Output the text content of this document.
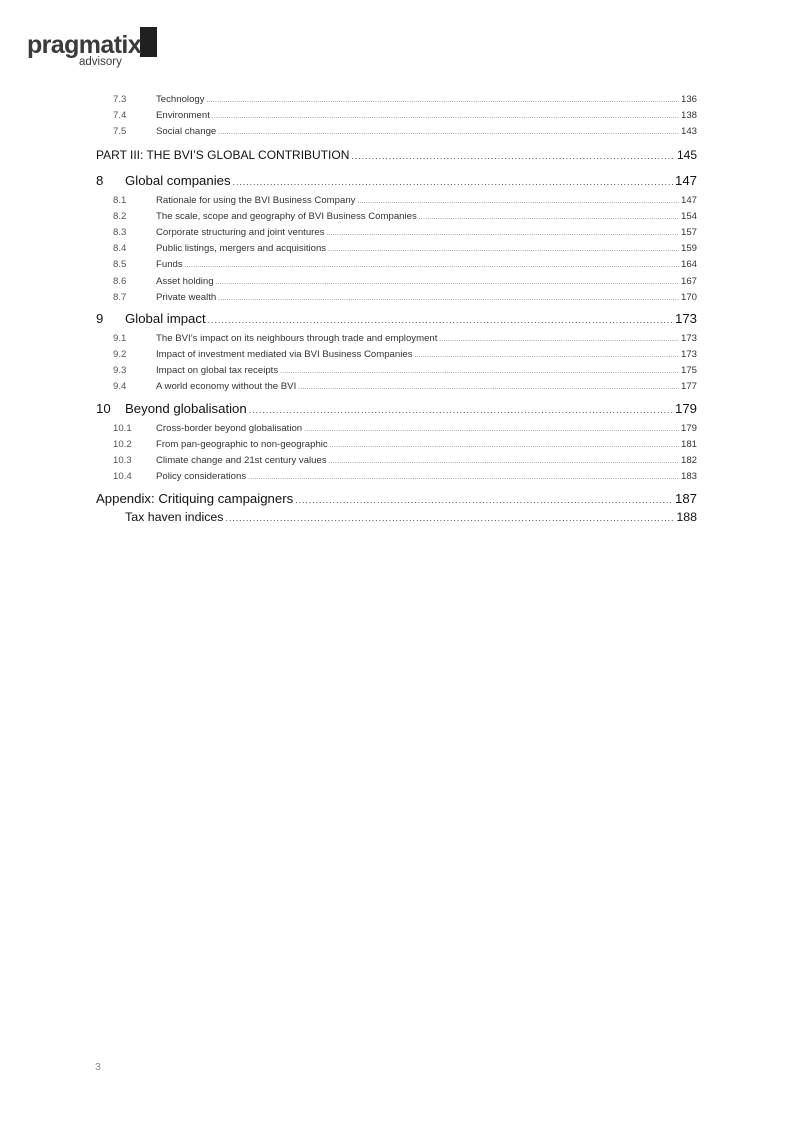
pragmatix
advisory
7.3	Technology . . .	136
7.4	Environment . . .	138
7.5	Social change . . .	143
PART III: THE BVI’S GLOBAL CONTRIBUTION . . .	145
8	Global companies . . .	147
8.1	Rationale for using the BVI Business Company . . .	147
8.2	The scale, scope and geography of BVI Business Companies . . .	154
8.3	Corporate structuring and joint ventures . . .	157
8.4	Public listings, mergers and acquisitions . . .	159
8.5	Funds . . .	164
8.6	Asset holding . . .	167
8.7	Private wealth . . .	170
9	Global impact . . .	173
9.1	The BVI’s impact on its neighbours through trade and employment . . .	173
9.2	Impact of investment mediated via BVI Business Companies . . .	173
9.3	Impact on global tax receipts . . .	175
9.4	A world economy without the BVI . . .	177
10	Beyond globalisation . . .	179
10.1	Cross-border beyond globalisation . . .	179
10.2	From pan-geographic to non-geographic . . .	181
10.3	Climate change and 21st century values . . .	182
10.4	Policy considerations . . .	183
Appendix: Critiquing campaigners . . .	187
Tax haven indices . . .	188
3
